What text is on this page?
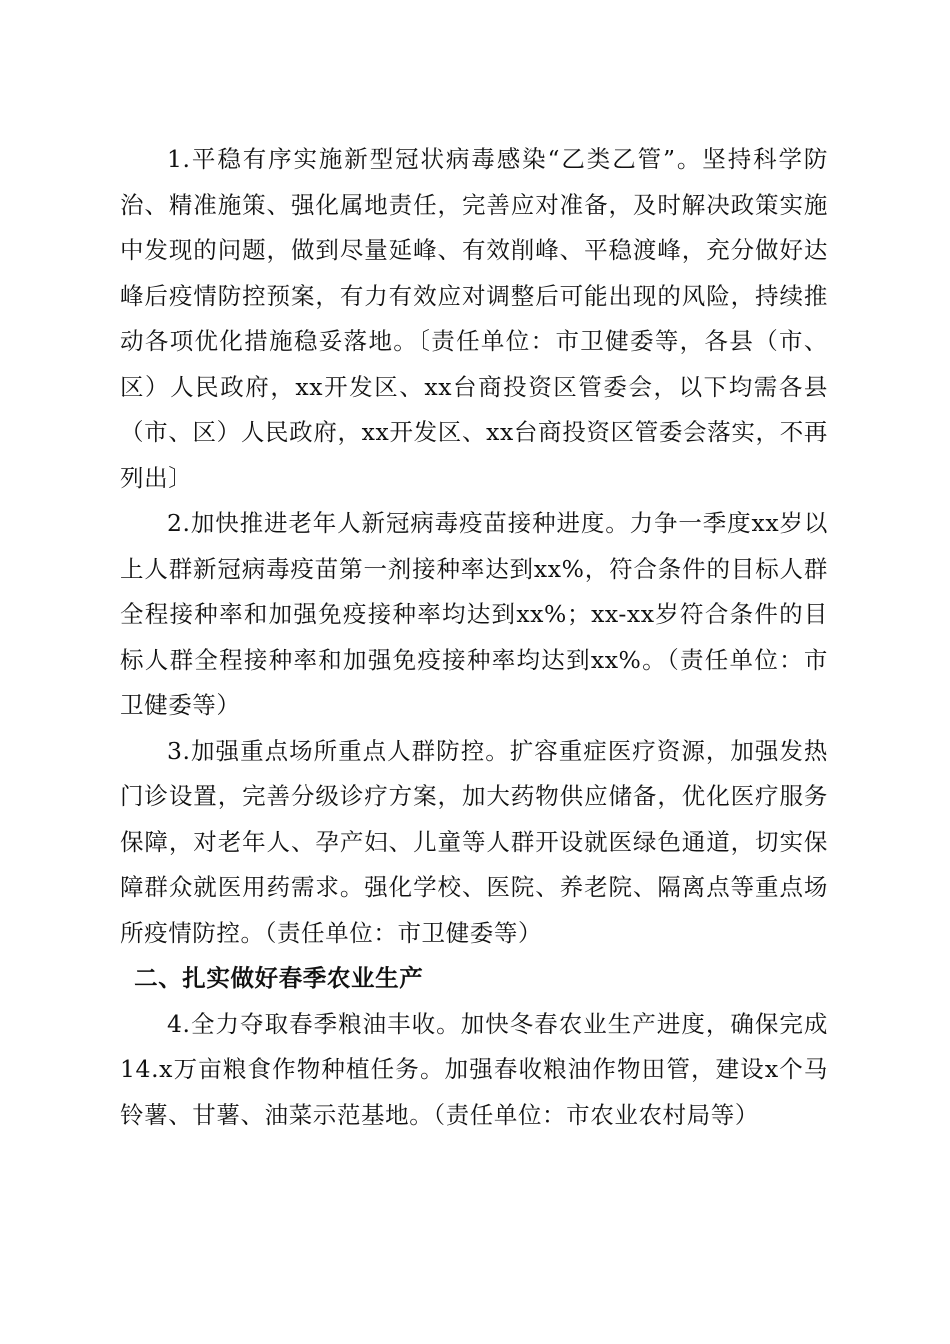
1.平稳有序实施新型冠状病毒感染“乙类乙管”。坚持科学防治、精准施策、强化属地责任，完善应对准备，及时解决政策实施中发现的问题，做到尽量延峰、有效削峰、平稳渡峰，充分做好达峰后疫情防控预案，有力有效应对调整后可能出现的风险，持续推动各项优化措施稳妥落地。〔责任单位：市卫健委等，各县（市、区）人民政府，xx开发区、xx台商投资区管委会，以下均需各县（市、区）人民政府，xx开发区、xx台商投资区管委会落实，不再列出〕

2.加快推进老年人新冠病毒疫苗接种进度。力争一季度xx岁以上人群新冠病毒疫苗第一剂接种率达到xx%，符合条件的目标人群全程接种率和加强免疫接种率均达到xx%；xx-xx岁符合条件的目标人群全程接种率和加强免疫接种率均达到xx%。（责任单位：市卫健委等）

3.加强重点场所重点人群防控。扩容重症医疗资源，加强发热门诊设置，完善分级诊疗方案，加大药物供应储备，优化医疗服务保障，对老年人、孕产妇、儿童等人群开设就医绿色通道，切实保障群众就医用药需求。强化学校、医院、养老院、隔离点等重点场所疫情防控。（责任单位：市卫健委等）

二、扎实做好春季农业生产

4.全力夺取春季粮油丰收。加快冬春农业生产进度，确保完成14.x万亩粮食作物种植任务。加强春收粮油作物田管，建设x个马铃薯、甘薯、油菜示范基地。（责任单位：市农业农村局等）
